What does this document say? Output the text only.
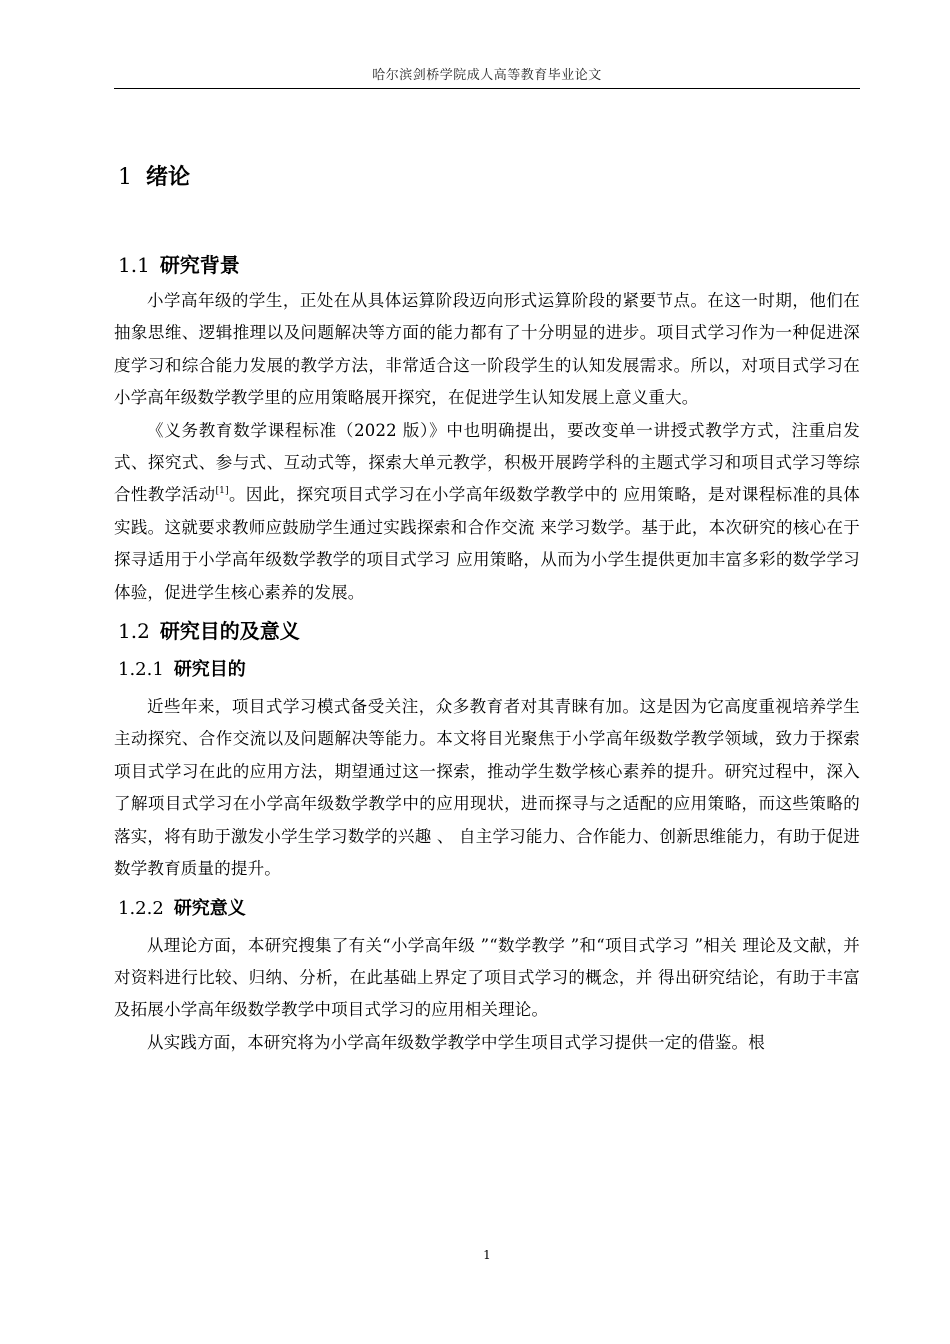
哈尔滨剑桥学院成人高等教育毕业论文
1 绪论
1.1 研究背景

小学高年级的学生，正处在从具体运算阶段迈向形式运算阶段的紧要节点。在这一时期，他们在抽象思维、逻辑推理以及问题解决等方面的能力都有了十分明显的进步。项目式学习作为一种促进深度学习和综合能力发展的教学方法，非常适合这一阶段学生的认知发展需求。所以，对项目式学习在小学高年级数学教学里的应用策略展开探究，在促进学生认知发展上意义重大。

《义务教育数学课程标准（2022 版）》中也明确提出，要改变单一讲授式教学方式，注重启发式、探究式、参与式、互动式等，探索大单元教学，积极开展跨学科的主题式学习和项目式学习等综合性教学活动[1]。因此，探究项目式学习在小学高年级数学教学中的 应用策略，是对课程标准的具体实践。这就要求教师应鼓励学生通过实践探索和合作交流 来学习数学。基于此，本次研究的核心在于探寻适用于小学高年级数学教学的项目式学习 应用策略，从而为小学生提供更加丰富多彩的数学学习体验，促进学生核心素养的发展。

1.2 研究目的及意义
1.2.1 研究目的

近些年来，项目式学习模式备受关注，众多教育者对其青睐有加。这是因为它高度重视培养学生主动探究、合作交流以及问题解决等能力。本文将目光聚焦于小学高年级数学教学领域，致力于探索项目式学习在此的应用方法，期望通过这一探索，推动学生数学核心素养的提升。研究过程中，深入了解项目式学习在小学高年级数学教学中的应用现状，进而探寻与之适配的应用策略，而这些策略的落实，将有助于激发小学生学习数学的兴趣 、 自主学习能力、合作能力、创新思维能力，有助于促进数学教育质量的提升。

1.2.2 研究意义

从理论方面，本研究搜集了有关“小学高年级 ”“数学教学 ”和“项目式学习 ”相关 理论及文献，并对资料进行比较、归纳、分析，在此基础上界定了项目式学习的概念，并 得出研究结论，有助于丰富及拓展小学高年级数学教学中项目式学习的应用相关理论。

从实践方面，本研究将为小学高年级数学教学中学生项目式学习提供一定的借鉴。根

1
